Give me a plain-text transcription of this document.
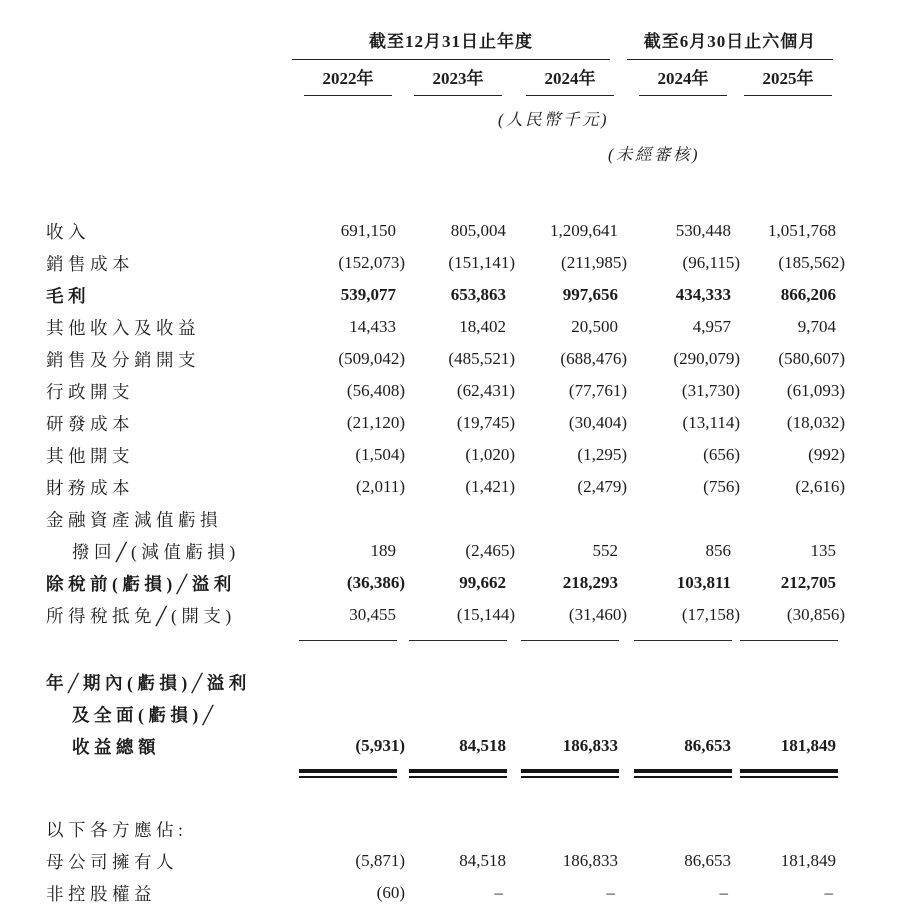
	截至12月31日止年度			截至6月30日止六個月	

	2022年	2023年	2024年	2024年	2025年

(人民幣千元)					

(未經審核)					

收入	691,150	805,004	1,209,641	530,448	1,051,768
銷售成本	(152,073)	(151,141)	(211,985)	(96,115)	(185,562)
毛利	539,077	653,863	997,656	434,333	866,206
其他收入及收益	14,433	18,402	20,500	4,957	9,704
銷售及分銷開支	(509,042)	(485,521)	(688,476)	(290,079)	(580,607)
行政開支	(56,408)	(62,431)	(77,761)	(31,730)	(61,093)
研發成本	(21,120)	(19,745)	(30,404)	(13,114)	(18,032)
其他開支	(1,504)	(1,020)	(1,295)	(656)	(992)
財務成本	(2,011)	(1,421)	(2,479)	(756)	(2,616)
金融資產減值虧損					
撥回╱(減值虧損)	189	(2,465)	552	856	135
除稅前(虧損)╱溢利	(36,386)	99,662	218,293	103,811	212,705
所得稅抵免╱(開支)	30,455	(15,144)	(31,460)	(17,158)	(30,856)

年╱期內(虧損)╱溢利					
及全面(虧損)╱					
收益總額	(5,931)	84,518	186,833	86,653	181,849

以下各方應佔:					
母公司擁有人	(5,871)	84,518	186,833	86,653	181,849
非控股權益	(60)	–	–	–	–
